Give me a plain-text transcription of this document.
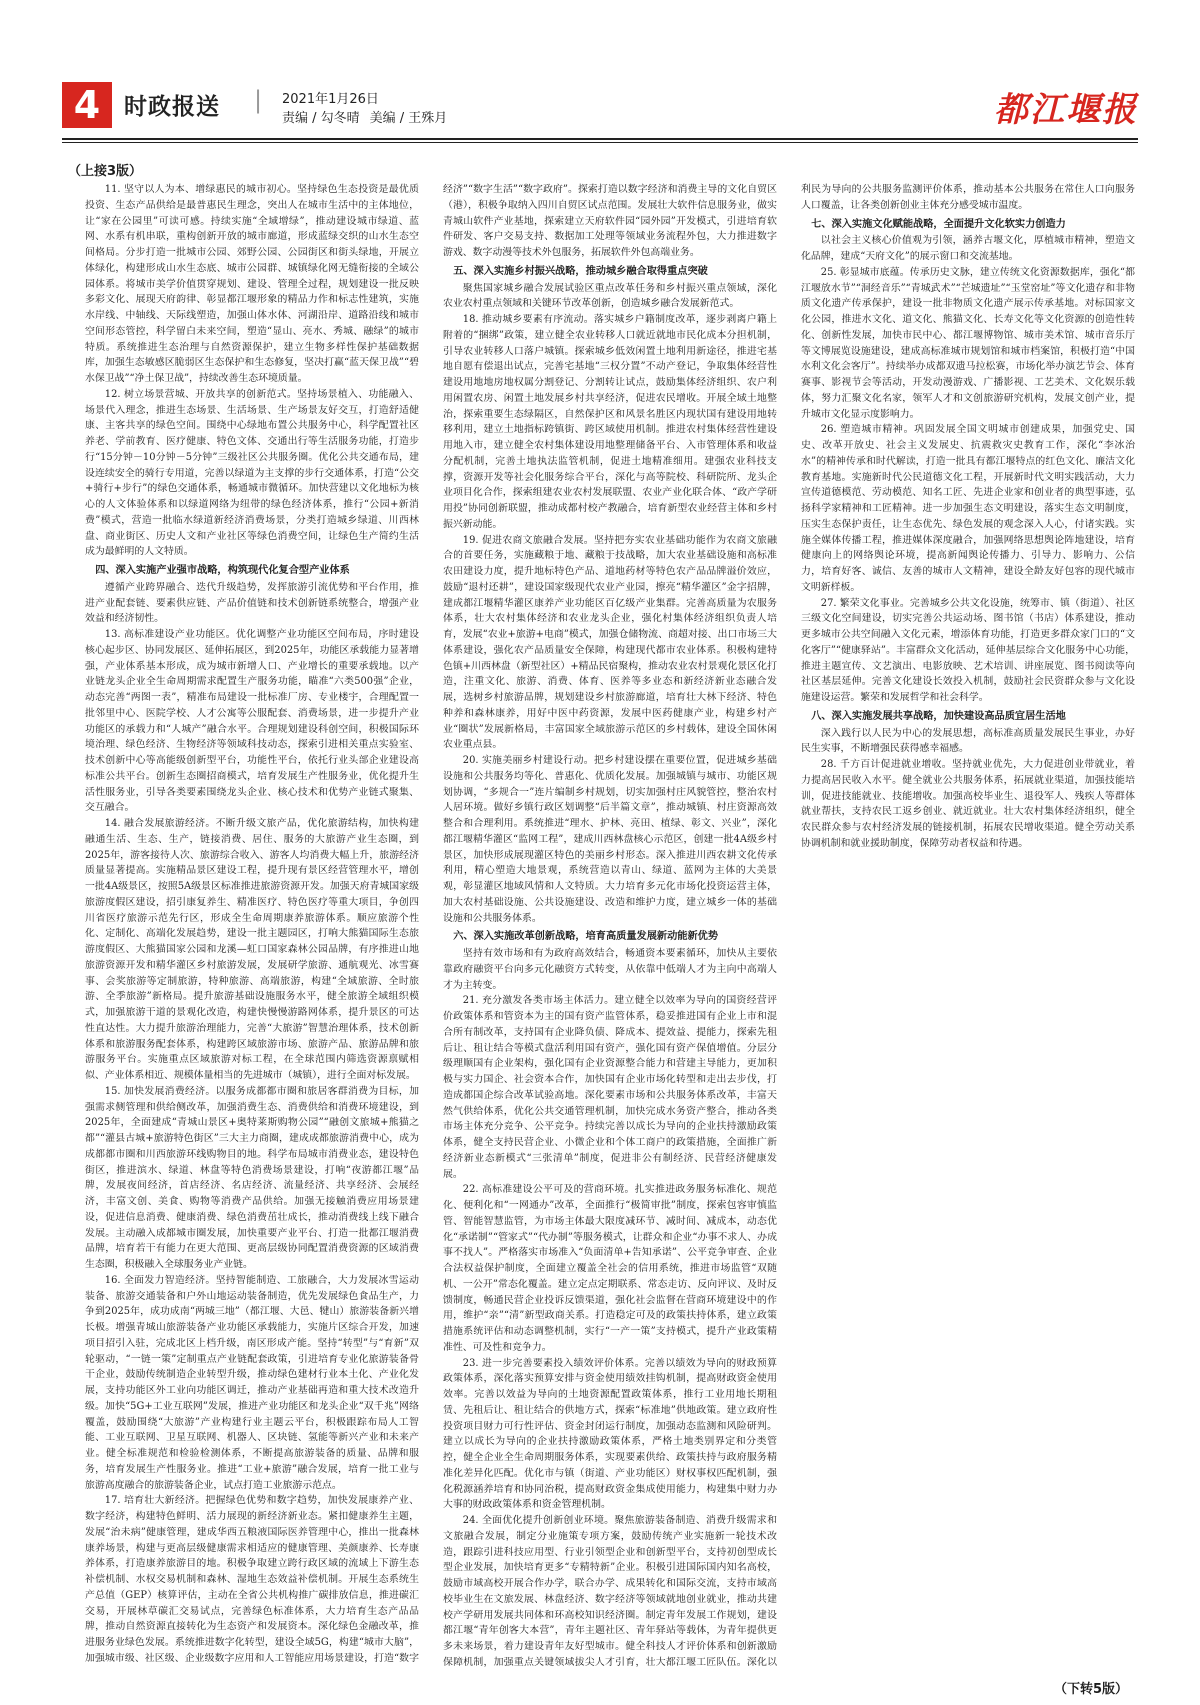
4	时政报送 | 2021年1月26日
责编 / 勾冬晴 美编 / 王殊月	都江堰报
（上接3版）

11. 坚守以人为本、增绿惠民的城市初心。坚持绿色生态投资是最优质投资、生态产品供给是最普惠民生理念，突出人在城市生活中的主体地位，让“家在公园里”可读可感。持续实施“全域增绿”，推动建设城市绿道、蓝网、水系有机串联，重构创新开放的城市廊道，形成蓝绿交织的山水生态空间格局。分步打造一批城市公园、郊野公园、公园街区和街头绿地，开展立体绿化，构建形成山水生态底、城市公园群、城镇绿化网无缝衔接的全域公园体系。将城市美学价值贯穿规划、建设、管理全过程，规划建设一批反映多彩文化、展现天府韵律、彰显都江堰形象的精品力作和标志性建筑，实施水岸线、中轴线、天际线塑造，加强山体水体、河湖沿岸、道路沿线和城市空间形态管控，科学留白未来空间，塑造“显山、亮水、秀城、融绿”的城市特质。系统推进生态治理与自然资源保护，建立生物多样性保护基础数据库，加强生态敏感区脆弱区生态保护和生态修复，坚决打赢“蓝天保卫战”“碧水保卫战”“净土保卫战”，持续改善生态环境质量。

12. 树立场景营城、开放共享的创新范式。坚持场景植入、功能融入、场景代入理念，推进生态场景、生活场景、生产场景友好交互，打造舒适健康、主客共享的绿色空间。围绕中心绿地布置公共服务中心，科学配置社区养老、学前教育、医疗健康、特色文体、交通出行等生活服务功能，打造步行“15分钟－10分钟－5分钟”三级社区公共服务圈。优化公共交通布局，建设连续安全的骑行专用道，完善以绿道为主支撑的步行交通体系，打造“公交+骑行+步行”的绿色交通体系，畅通城市微循环。加快营建以文化地标为核心的人文体验体系和以绿道网络为纽带的绿色经济体系，推行“公园+新消费”模式，营造一批临水绿道新经济消费场景，分类打造城乡绿道、川西林盘、商业街区、历史人文和产业社区等绿色消费空间，让绿色生产简约生活成为最鲜明的人文特质。

四、深入实施产业强市战略，构筑现代化复合型产业体系

遵循产业跨界融合、迭代升级趋势，发挥旅游引流优势和平台作用，推进产业配套链、要素供应链、产品价值链和技术创新链系统整合，增强产业效益和经济韧性。

13. 高标准建设产业功能区。优化调整产业功能区空间布局，序时建设核心起步区、协同发展区、延伸拓展区，到2025年，功能区承载能力显著增强，产业体系基本形成，成为城市新增人口、产业增长的重要承载地。以产业链龙头企业全生命周期需求配置生产服务功能，瞄准“六类500强”企业，动态完善“两图一表”，精准布局建设一批标准厂房、专业楼宇，合理配置一批邻里中心、医院学校、人才公寓等公服配套、消费场景，进一步提升产业功能区的承载力和“人城产”融合水平。合理规划建设科创空间，积极国际环境治理、绿色经济、生物经济等领域科技动态，探索引进相关重点实验室、技术创新中心等高能级创新型平台，功能性平台，依托行业头部企业建设高标准公共平台。创新生态圈招商模式，培育发展生产性服务业，优化提升生活性服务业，引导各类要素围绕龙头企业、核心技术和优势产业链式聚集、交互融合。

14. 融合发展旅游经济。不断升级文旅产品，优化旅游结构，加快构建融通生活、生态、生产，链接消费、居住、服务的大旅游产业生态圈，到2025年，游客接待人次、旅游综合收入、游客人均消费大幅上升，旅游经济质量显著提高。实施精品景区建设工程，提升现有景区经营管理水平，增创一批4A级景区，按照5A级景区标准推进旅游资源开发。加强天府青城国家级旅游度假区建设，招引康复养生、精准医疗、特色医疗等重大项目，争创四川省医疗旅游示范先行区，形成全生命周期康养旅游体系。顺应旅游个性化、定制化、高端化发展趋势，建设一批主题园区，打响大熊猫国际生态旅游度假区、大熊猫国家公园和龙溪—虹口国家森林公园品牌，有序推进山地旅游资源开发和精华灌区乡村旅游发展，发展研学旅游、通航观光、冰雪赛事、会奖旅游等定制旅游，特种旅游、高端旅游，构建“全域旅游、全时旅游、全季旅游”新格局。提升旅游基础设施服务水平，健全旅游全域组织模式，加强旅游干道的景观化改造，构建快慢慢游路网体系，提升景区的可达性直达性。大力提升旅游治理能力，完善“大旅游”智慧治理体系，技术创新体系和旅游服务配套体系，构建跨区域旅游市场、旅游产品、旅游品牌和旅游服务平台。实施重点区域旅游对标工程，在全球范围内筛选资源禀赋相似、产业体系相近、规模体量相当的先进城市（城镇），进行全面对标发展。

15. 加快发展消费经济。以服务成都都市圈和旅居客群消费为目标，加强需求侧管理和供给侧改革，加强消费生态、消费供给和消费环境建设，到2025年，全面建成“青城山景区+奥特莱斯购物公园”“融创文旅城+熊猫之都”“灌县古城+旅游特色街区”三大主力商圈，建成成都旅游消费中心，成为成都都市圈和川西旅游环线购物目的地。科学布局城市消费业态，建设特色街区，推进滨水、绿道、林盘等特色消费场景建设，打响“夜游都江堰”品牌，发展夜间经济，首店经济、名店经济、流量经济、共享经济、会展经济，丰富文创、美食、购物等消费产品供给。加强无接触消费应用场景建设，促进信息消费、健康消费、绿色消费茁壮成长，推动消费线上线下融合发展。主动融入成都城市圈发展，加快重要产业平台、打造一批都江堰消费品牌，培育若干有能力在更大范围、更高层级协同配置消费资源的区域消费生态圈，积极融入全球服务业产业链。

16. 全面发力智造经济。坚持智能制造、工旅融合，大力发展冰雪运动装备、旅游交通装备和户外山地运动装备制造，优先发展绿色食品生产，力争到2025年，成功成南“两城三地”（都江堰、大邑、犍山）旅游装备新兴增长极。增强青城山旅游装备产业功能区承载能力，实施片区综合开发，加速项目招引入驻，完成北区上档升级，南区形成产能。坚持“转型”与“育新”双轮驱动，“一链一策”定制重点产业链配套政策，引进培育专业化旅游装备骨干企业，鼓励传统制造企业转型升级，推动绿色建材行业本土化、产业化发展，支持功能区外工业向功能区调迁，推动产业基础再造和重大技术改造升级。加快“5G+工业互联网”发展，推进产业功能区和龙头企业“双千兆”网络覆盖，鼓励围绕“大旅游”产业构建行业主题云平台，积极跟踪布局人工智能、工业互联网、卫星互联网、机器人、区块链、氢能等新兴产业和未来产业。健全标准规范和检验检测体系，不断提高旅游装备的质量、品牌和服务，培育发展生产性服务业。推进“工业+旅游”融合发展，培育一批工业与旅游高度融合的旅游装备企业，试点打造工业旅游示范点。

17. 培育壮大新经济。把握绿色优势和数字趋势，加快发展康养产业、数字经济，构建特色鲜明、活力展现的新经济新业态。紧扣健康养生主题，发展“治未病”健康管理，建成华西五粮液国际医养管理中心，推出一批森林康养场景，构建与更高层级健康需求相适应的健康管理、美颜康养、长寿康养体系，打造康养旅游目的地。积极争取建立跨行政区域的流域上下游生态补偿机制、水权交易机制和森林、湿地生态效益补偿机制。开展生态系统生产总值（GEP）核算评估，主动在全省公共机构推广碳排放信息，推进碳汇交易，开展林草碳汇交易试点，完善绿色标准体系，大力培育生态产品品牌，推动自然资源直接转化为生态资产和发展资本。深化绿色金融改革，推进服务业绿色发展。系统推进数字化转型，建设全域5G，构建“城市大脑”，加强城市级、社区级、企业级数字应用和人工智能应用场景建设，打造“数字经济”“数字生活”“数字政府”。探索打造以数字经济和消费主导的文化自贸区（港），积极争取纳入四川自贸区试点范围。发展壮大软件信息服务业，做实青城山软件产业基地，探索建立天府软件园“园外园”开发模式，引进培育软件研发、客户交易支持、数据加工处理等领域业务流程外包，大力推进数字游戏、数字动漫等技术外包服务，拓展软件外包高端业务。

五、深入实施乡村振兴战略，推动城乡融合取得重点突破

聚焦国家城乡融合发展试验区重点改革任务和乡村振兴重点领域，深化农业农村重点领域和关键环节改革创新，创造城乡融合发展新范式。

18. 推动城乡要素有序流动。落实城乡户籍制度改革，逐步剥离户籍上附着的“捆绑”政策，建立健全农业转移人口就近就地市民化成本分担机制，引导农业转移人口落户城镇。探索城乡低效闲置土地利用新途径，推进宅基地自愿有偿退出试点，完善宅基地“三权分置”不动产登记，争取集体经营性建设用地地房地权属分割登记、分割转让试点，鼓励集体经济组织、农户利用闲置农房、闲置土地发展乡村共享经济，促进农民增收。开展全域土地整治，探索重要生态绿隔区，自然保护区和风景名胜区内现状国有建设用地转移利用，建立土地指标跨镇街、跨区域使用机制。推进农村集体经营性建设用地入市，建立健全农村集体建设用地整理储备平台、入市管理体系和收益分配机制，完善土地执法监管机制，促进土地精准细用。建强农业科技支撑，资源开发等社会化服务综合平台，深化与高等院校、科研院所、龙头企业项目化合作，探索组建农业农村发展联盟、农业产业化联合体、“政产学研用投”协同创新联盟，推动成都村校产教融合，培育新型农业经营主体和乡村振兴新动能。

19. 促进农商文旅融合发展。坚持把夯实农业基础功能作为农商文旅融合的首要任务，实施藏粮于地、藏粮于技战略，加大农业基础设施和高标准农田建设力度，提升地标特色产品、道地药材等特色农产品品牌溢价效应，鼓励“退村还耕”，建设国家级现代农业产业园，擦亮“精华灌区”金字招牌，建成都江堰精华灌区康养产业功能区百亿级产业集群。完善高质量为农服务体系，壮大农村集体经济和农业龙头企业，强化村集体经济组织负责人培育，发展“农业+旅游+电商”模式，加强仓储物流、商超对接、出口市场三大体系建设，强化农产品质量安全保障，构建现代都市农业体系。积极构建特色镇+川西林盘（新型社区）+精品民宿聚构，推动农业农村景观化景区化打造，注重文化、旅游、消费、体育、医养等多业态和新经济新业态融合发展，选树乡村旅游品牌，规划建设乡村旅游廊道，培育壮大林下经济、特色种养和森林康养，用好中医中药资源，发展中医药健康产业，构建乡村产业“圈状”发展新格局，丰富国家全域旅游示范区的乡村载体，建设全国休闲农业重点县。

20. 实施美丽乡村建设行动。把乡村建设摆在重要位置，促进城乡基础设施和公共服务均等化、普惠化、优质化发展。加强城镇与城市、功能区规划协调，“多规合一”连片编制乡村规划，切实加强村庄风貌管控，整治农村人居环境。做好乡镇行政区划调整“后半篇文章”，推动城镇、村庄资源高效整合和合理利用。系统推进“理水、护林、亮田、植绿、彰文、兴业”，深化都江堰精华灌区“监网工程”，建成川西林盘核心示范区，创建一批4A级乡村景区，加快形成展现灌区特色的美丽乡村形态。深入推进川西农耕文化传承利用，精心塑造大地景观，系统营造以青山、绿道、蓝网为主体的大美景观，彰显灌区地域风情和人文特质。大力培育多元化市场化投资运营主体，加大农村基础设施、公共设施建设、改造和维护力度，建立城乡一体的基础设施和公共服务体系。

六、深入实施改革创新战略，培育高质量发展新动能新优势

坚持有效市场和有为政府高效结合，畅通资本要素循环，加快从主要依靠政府融资平台向多元化融资方式转变，从依靠中低端人才为主向中高端人才为主转变。

21. 充分激发各类市场主体活力。建立健全以效率为导向的国资经营评价政策体系和管资本为主的国有资产监管体系，稳妥推进国有企业上市和混合所有制改革，支持国有企业降负债、降成本、提效益、提能力，探索先租后让、租让结合等模式盘活利用国有资产，强化国有资产保值增值。分层分级理顺国有企业架构，强化国有企业资源整合能力和营建主导能力，更加积极与实力国企、社会资本合作，加快国有企业市场化转型和走出去步伐，打造成都国企综合改革试验高地。深化要素市场和公共服务体系改革，丰富天然气供给体系，优化公共交通管理机制，加快完成水务资产整合，推动各类市场主体充分竞争、公平竞争。持续完善以成长为导向的企业扶持激励政策体系，健全支持民营企业、小微企业和个体工商户的政策措施，全面推广新经济新业态新模式“三张清单”制度，促进非公有制经济、民营经济健康发展。

22. 高标准建设公平可及的营商环境。扎实推进政务服务标准化、规范化、便利化和“一网通办”改革，全面推行“极简审批”制度，探索包容审慎监管、智能智慧监管，为市场主体最大限度减环节、减时间、减成本，动态优化“承诺制”“管家式”“代办制”等服务模式，让群众和企业“办事不求人、办成事不找人”。严格落实市场准入“负面清单+告知承诺”、公平竞争审查、企业合法权益保护制度，全面建立覆盖全社会的信用系统，推进市场监管“双随机、一公开”常态化覆盖。建立定点定期联系、常态走访、反向评议、及时反馈制度，畅通民营企业投诉反馈渠道，强化社会监督在营商环境建设中的作用，维护“亲”“清”新型政商关系。打造稳定可及的政策扶持体系，建立政策措施系统评估和动态调整机制，实行“一产一策”支持模式，提升产业政策精准性、可及性和竞争力。

23. 进一步完善要素投入绩效评价体系。完善以绩效为导向的财政预算政策体系，深化落实预算安排与资金使用绩效挂钩机制，提高财政资金使用效率。完善以效益为导向的土地资源配置政策体系，推行工业用地长期租赁、先租后让、租让结合的供地方式，探索“标准地”供地政策。建立政府性投资项目财力可行性评估、资金封闭运行制度，加强动态监测和风险研判。建立以成长为导向的企业扶持激励政策体系，严格土地类别界定和分类管控，健全企业全生命周期服务体系，实现要素供给、政策扶持与政府服务精准化差异化匹配。优化市与镇（街道、产业功能区）财权事权匹配机制，强化税源涵养培育和协同治税，提高财政资金集成使用能力，构建集中财力办大事的财政政策体系和资金管理机制。

24. 全面优化提升创新创业环境。聚焦旅游装备制造、消费升级需求和文旅融合发展，制定分业施策专项方案，鼓励传统产业实施新一轮技术改造，跟踪引进科技应用型、行业引领型企业和创新型平台，支持初创型成长型企业发展，加快培育更多“专精特新”企业。积极引进国际国内知名高校，鼓励市域高校开展合作办学，联合办学、成果转化和国际交流，支持市域高校毕业生在文旅发展、林盘经济、数字经济等领域就地创业就业，推动共建校产学研用发展共同体和环高校知识经济圈。制定青年发展工作规划，建设都江堰“青年创客大本营”，青年主题社区、青年驿站等载体，为青年提供更多未来场景，着力建设青年友好型城市。健全科技人才评价体系和创新激励保障机制，加强重点关键领域拔尖人才引育，壮大都江堰工匠队伍。深化以利民为导向的公共服务监测评价体系，推动基本公共服务在常住人口向服务人口覆盖，让各类创新创业主体充分感受城市温度。

七、深入实施文化赋能战略，全面提升文化软实力创造力

以社会主义核心价值观为引领，涵养古堰文化，厚植城市精神，塑造文化品牌，建成“天府文化”的展示窗口和交流基地。

25. 彰显城市底蕴。传承历史文脉，建立传统文化资源数据库，强化“都江堰放水节”“洞经音乐”“青城武术”“芒城遗址”“玉堂窑址”等文化遗存和非物质文化遗产传承保护，建设一批非物质文化遗产展示传承基地。对标国家文化公园，推进水文化、道文化、熊猫文化、长寿文化等文化资源的创造性转化、创新性发展，加快市民中心、都江堰博物馆、城市美术馆、城市音乐厅等文博展览设施建设，建成高标准城市规划馆和城市档案馆，积极打造“中国水利文化会客厅”。持续举办成都双遗马拉松赛，市场化举办演艺节会、体育赛事、影视节会等活动，开发动漫游戏、广播影视、工艺美术、文化娱乐载体，努力汇聚文化名家，领军人才和文创旅游研究机构，发展文创产业，提升城市文化显示度影响力。

26. 塑造城市精神。巩固发展全国文明城市创建成果，加强党史、国史、改革开放史、社会主义发展史、抗震救灾史教育工作，深化“李冰治水”的精神传承和时代解读，打造一批具有都江堰特点的红色文化、廉洁文化教育基地。实施新时代公民道德文化工程，开展新时代文明实践活动，大力宣传道德模范、劳动模范、知名工匠、先进企业家和创业者的典型事迹，弘扬科学家精神和工匠精神。进一步加强生态文明建设，落实生态文明制度，压实生态保护责任，让生态优先、绿色发展的观念深入人心，付诸实践。实施全媒体传播工程，推进媒体深度融合，加强网络思想舆论阵地建设，培育健康向上的网络舆论环境，提高新闻舆论传播力、引导力、影响力、公信力，培育好客、诚信、友善的城市人文精神，建设全龄友好包容的现代城市文明新样板。

27. 繁荣文化事业。完善城乡公共文化设施，统筹市、镇（街道）、社区三级文化空间建设，切实完善公共运动场、图书馆（书店）体系建设，推动更多城市公共空间融入文化元素，增添体育功能，打造更多群众家门口的“文化客厅”“健康驿站”。丰富群众文化活动，延伸基层综合文化服务中心功能，推进主题宣传、文艺演出、电影放映、艺术培训、讲座展览、图书阅读等向社区基层延伸。完善文化建设长效投入机制，鼓励社会民资群众参与文化设施建设运营。繁荣和发展哲学和社会科学。

八、深入实施发展共享战略，加快建设高品质宜居生活地

深入践行以人民为中心的发展思想，高标准高质量发展民生事业，办好民生实事，不断增强民获得感幸福感。

28. 千方百计促进就业增收。坚持就业优先，大力促进创业带就业，着力提高居民收入水平。健全就业公共服务体系，拓展就业渠道，加强技能培训，促进技能就业、技能增收。加强高校毕业生、退役军人、残疾人等群体就业帮扶，支持农民工返乡创业、就近就业。壮大农村集体经济组织，健全农民群众参与农村经济发展的链接机制，拓展农民增收渠道。健全劳动关系协调机制和就业援助制度，保障劳动者权益和待遇。

（下转5版）
